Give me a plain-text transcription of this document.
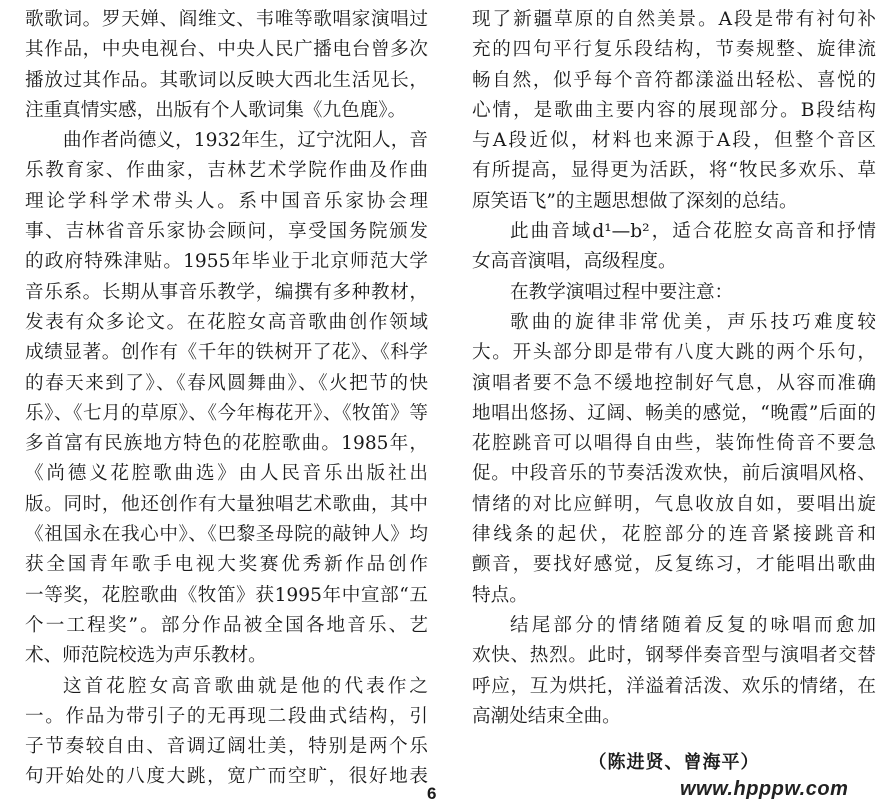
歌歌词。罗天婵、阎维文、韦唯等歌唱家演唱过
其作品，中央电视台、中央人民广播电台曾多次
播放过其作品。其歌词以反映大西北生活见长，
注重真情实感，出版有个人歌词集《九色鹿》。
曲作者尚德义，1932年生，辽宁沈阳人，音
乐教育家、作曲家，吉林艺术学院作曲及作曲
理论学科学术带头人。系中国音乐家协会理
事、吉林省音乐家协会顾问，享受国务院颁发
的政府特殊津贴。1955年毕业于北京师范大学
音乐系。长期从事音乐教学，编撰有多种教材，
发表有众多论文。在花腔女高音歌曲创作领域
成绩显著。创作有《千年的铁树开了花》、《科学
的春天来到了》、《春风圆舞曲》、《火把节的快
乐》、《七月的草原》、《今年梅花开》、《牧笛》等
多首富有民族地方特色的花腔歌曲。1985年，
《尚德义花腔歌曲选》由人民音乐出版社出
版。同时，他还创作有大量独唱艺术歌曲，其中
《祖国永在我心中》、《巴黎圣母院的敲钟人》均
获全国青年歌手电视大奖赛优秀新作品创作
一等奖，花腔歌曲《牧笛》获1995年中宣部“五
个一工程奖”。部分作品被全国各地音乐、艺
术、师范院校选为声乐教材。
这首花腔女高音歌曲就是他的代表作之
一。作品为带引子的无再现二段曲式结构，引
子节奏较自由、音调辽阔壮美，特别是两个乐
句开始处的八度大跳，宽广而空旷，很好地表
现了新疆草原的自然美景。A段是带有衬句补
充的四句平行复乐段结构，节奏规整、旋律流
畅自然，似乎每个音符都漾溢出轻松、喜悦的
心情，是歌曲主要内容的展现部分。B段结构
与A段近似，材料也来源于A段，但整个音区
有所提高，显得更为活跃，将“牧民多欢乐、草
原笑语飞”的主题思想做了深刻的总结。
此曲音域d¹—b²，适合花腔女高音和抒情
女高音演唱，高级程度。
在教学演唱过程中要注意：
歌曲的旋律非常优美，声乐技巧难度较
大。开头部分即是带有八度大跳的两个乐句，
演唱者要不急不缓地控制好气息，从容而准确
地唱出悠扬、辽阔、畅美的感觉，“晚霞”后面的
花腔跳音可以唱得自由些，装饰性倚音不要急
促。中段音乐的节奏活泼欢快，前后演唱风格、
情绪的对比应鲜明，气息收放自如，要唱出旋
律线条的起伏，花腔部分的连音紧接跳音和
颤音，要找好感觉，反复练习，才能唱出歌曲
特点。
结尾部分的情绪随着反复的咏唱而愈加
欢快、热烈。此时，钢琴伴奏音型与演唱者交替
呼应，互为烘托，洋溢着活泼、欢乐的情绪，在
高潮处结束全曲。
6
（陈进贤、曾海平）
www.hpppw.com
